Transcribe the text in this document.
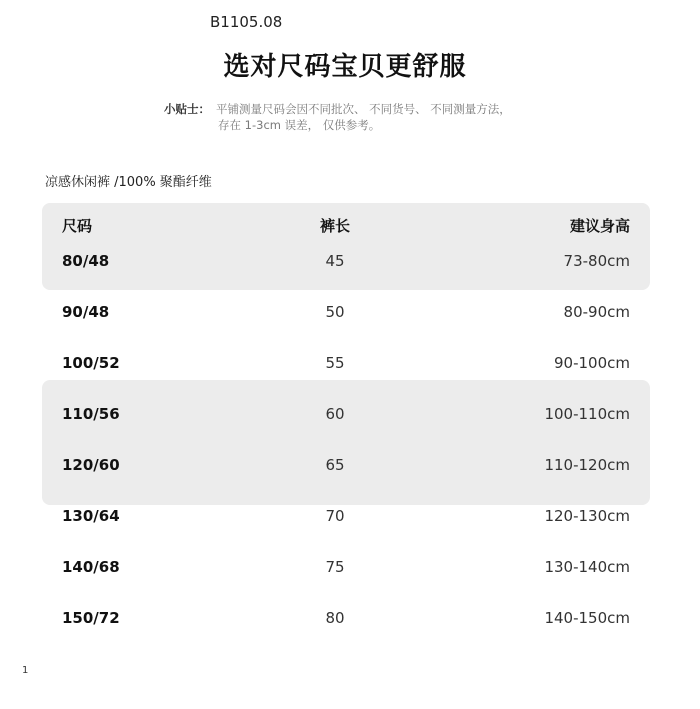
B1105.08
选对尺码宝贝更舒服
小贴士： 平铺测量尺码会因不同批次、 不同货号、 不同测量方法，
存在 1-3cm 误差， 仅供参考。
凉感休闲裤 /100% 聚酯纤维
尺码	裤长	建议身高
80/48	45	73-80cm
90/48	50	80-90cm
100/52	55	90-100cm
110/56	60	100-110cm
120/60	65	110-120cm
130/64	70	120-130cm
140/68	75	130-140cm
150/72	80	140-150cm
1
